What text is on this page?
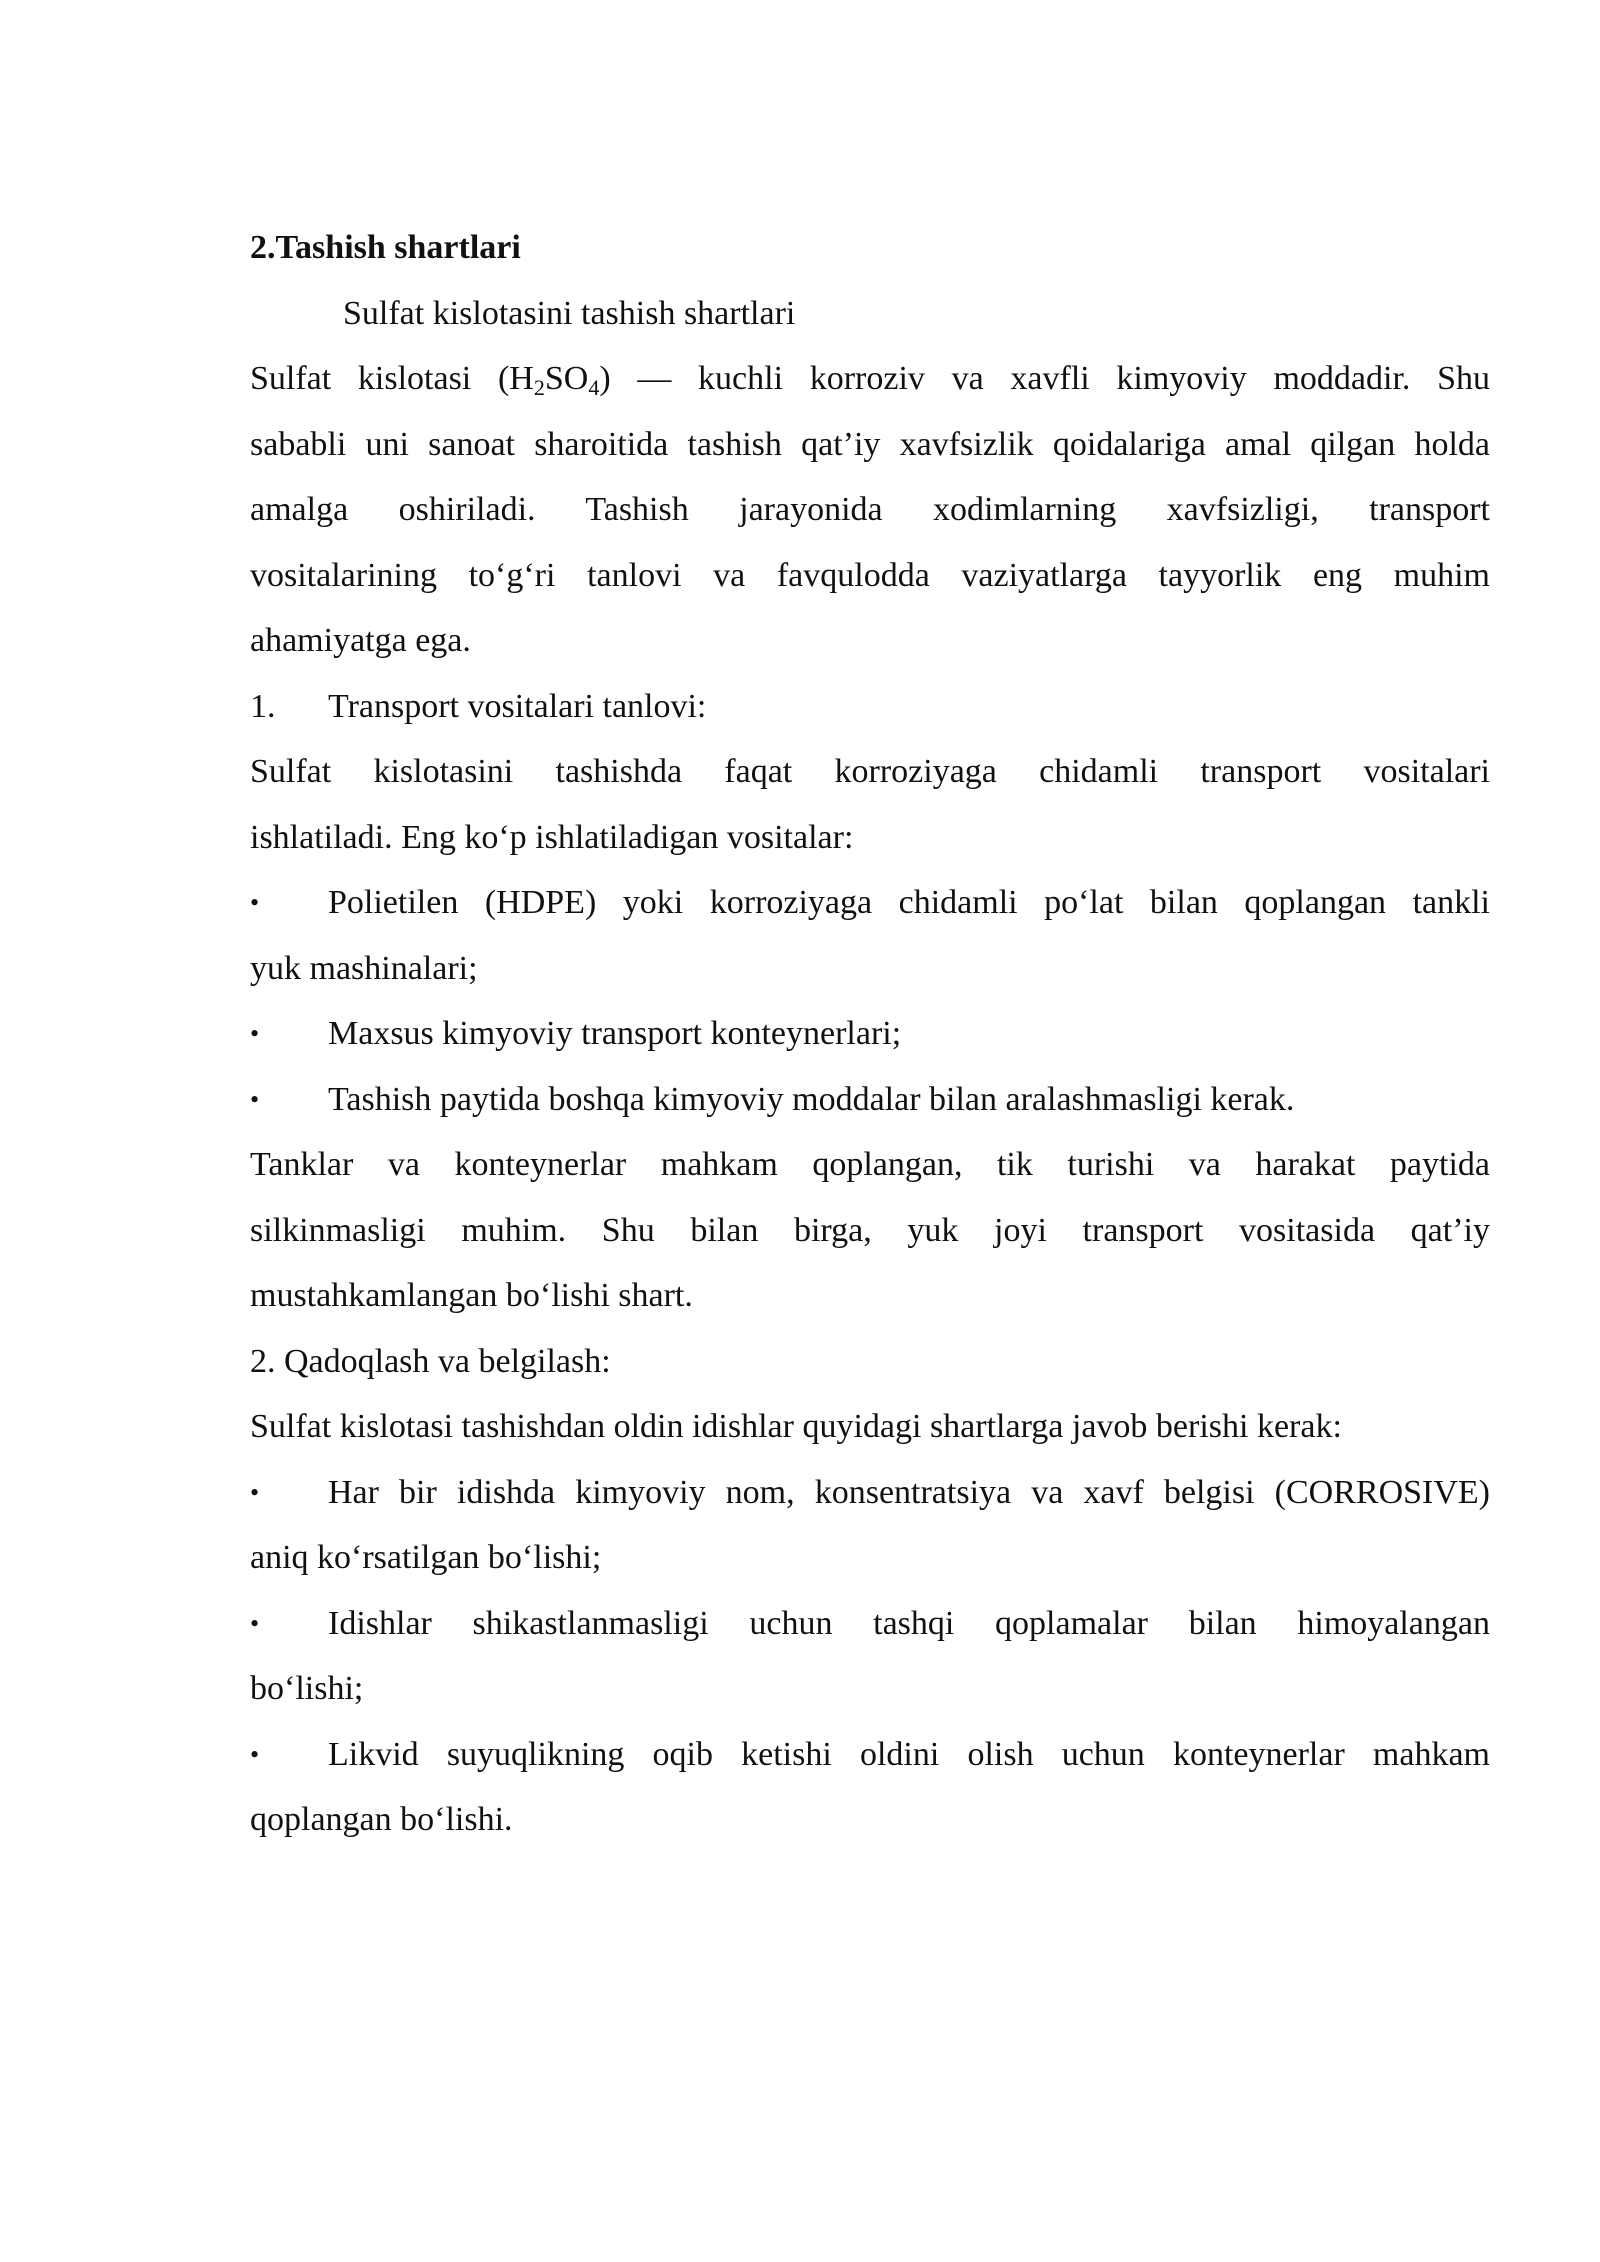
2.Tashish shartlari
Sulfat kislotasini tashish shartlari
Sulfat kislotasi $(H_2SO_4)$ — kuchli korroziv va xavfli kimyoviy moddadir. Shu
sababli uni sanoat sharoitida tashish qat’iy xavfsizlik qoidalariga amal qilgan holda
amalga oshiriladi. Tashish jarayonida xodimlarning xavfsizligi, transport
vositalarining to‘g‘ri tanlovi va favqulodda vaziyatlarga tayyorlik eng muhim
ahamiyatga ega.
1. Transport vositalari tanlovi:
Sulfat kislotasini tashishda faqat korroziyaga chidamli transport vositalari
ishlatiladi. Eng ko‘p ishlatiladigan vositalar:
•	Polietilen (HDPE) yoki korroziyaga chidamli po‘lat bilan qoplangan tankli
yuk mashinalari;
•	Maxsus kimyoviy transport konteynerlari;
•	Tashish paytida boshqa kimyoviy moddalar bilan aralashmasligi kerak.
Tanklar va konteynerlar mahkam qoplangan, tik turishi va harakat paytida
silkinmasligi muhim. Shu bilan birga, yuk joyi transport vositasida qat’iy
mustahkamlangan bo‘lishi shart.
2. Qadoqlash va belgilash:
Sulfat kislotasi tashishdan oldin idishlar quyidagi shartlarga javob berishi kerak:
•	Har bir idishda kimyoviy nom, konsentratsiya va xavf belgisi (CORROSIVE)
aniq ko‘rsatilgan bo‘lishi;
•	Idishlar shikastlanmasligi uchun tashqi qoplamalar bilan himoyalangan
bo‘lishi;
•	Likvid suyuqlikning oqib ketishi oldini olish uchun konteynerlar mahkam
qoplangan bo‘lishi.
